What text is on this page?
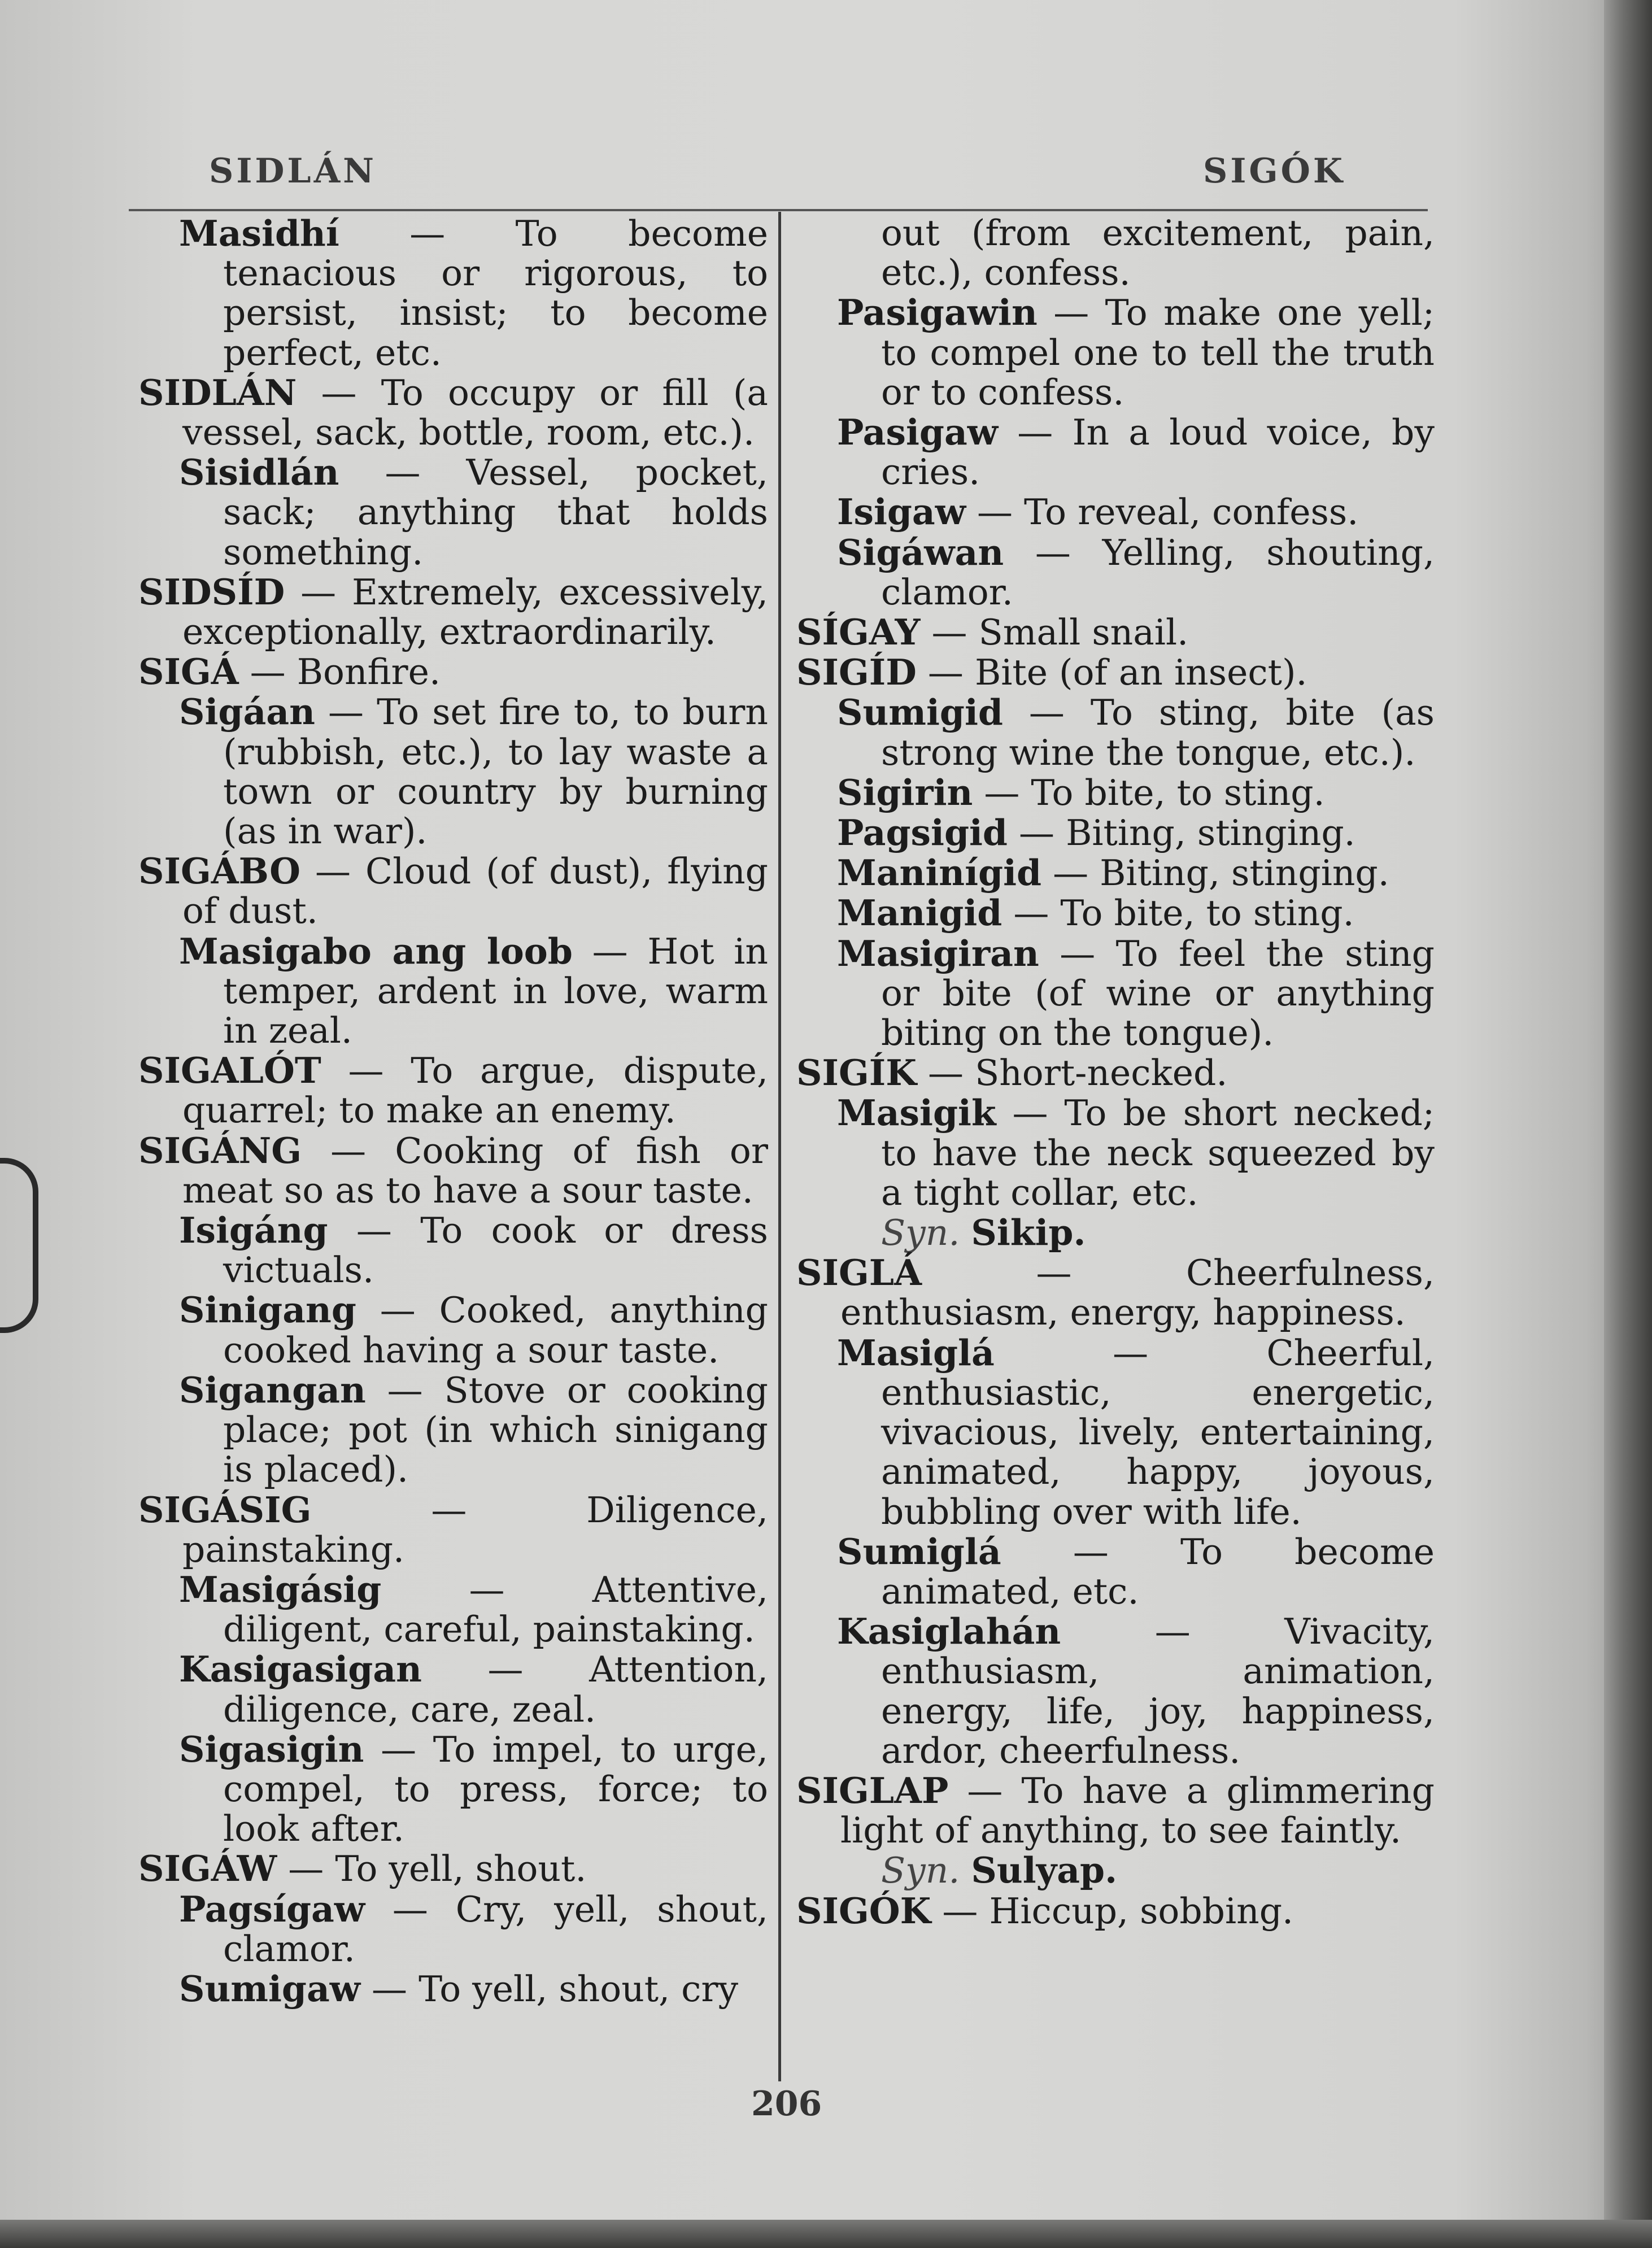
SIDLÁN	SIGÓK
Masidhí — To become tenacious or rigorous, to persist, insist; to become perfect, etc.
SIDLÁN — To occupy or fill (a vessel, sack, bottle, room, etc.).
Sisidlán — Vessel, pocket, sack; anything that holds something.
SIDSÍD — Extremely, excessively, exceptionally, extraordinarily.
SIGÁ — Bonfire.
Sigáan — To set fire to, to burn (rubbish, etc.), to lay waste a town or country by burning (as in war).
SIGÁBO — Cloud (of dust), flying of dust.
Masigabo ang loob — Hot in temper, ardent in love, warm in zeal.
SIGALÓT — To argue, dispute, quarrel; to make an enemy.
SIGÁNG — Cooking of fish or meat so as to have a sour taste.
Isigáng — To cook or dress victuals.
Sinigang — Cooked, anything cooked having a sour taste.
Sigangan — Stove or cooking place; pot (in which sinigang is placed).
SIGÁSIG — Diligence, painstaking.
Masigásig — Attentive, diligent, careful, painstaking.
Kasigasigan — Attention, diligence, care, zeal.
Sigasigin — To impel, to urge, compel, to press, force; to look after.
SIGÁW — To yell, shout.
Pagsígaw — Cry, yell, shout, clamor.
Sumigaw — To yell, shout, cry
out (from excitement, pain, etc.), confess.
Pasigawin — To make one yell; to compel one to tell the truth or to confess.
Pasigaw — In a loud voice, by cries.
Isigaw — To reveal, confess.
Sigáwan — Yelling, shouting, clamor.
SÍGAY — Small snail.
SIGÍD — Bite (of an insect).
Sumigid — To sting, bite (as strong wine the tongue, etc.).
Sigirin — To bite, to sting.
Pagsigid — Biting, stinging.
Maninígid — Biting, stinging.
Manigid — To bite, to sting.
Masigiran — To feel the sting or bite (of wine or anything biting on the tongue).
SIGÍK — Short-necked.
Masigik — To be short necked; to have the neck squeezed by a tight collar, etc.
Syn. Sikip.
SIGLÁ — Cheerfulness, enthusiasm, energy, happiness.
Masiglá — Cheerful, enthusiastic, energetic, vivacious, lively, entertaining, animated, happy, joyous, bubbling over with life.
Sumiglá — To become animated, etc.
Kasiglahán — Vivacity, enthusiasm, animation, energy, life, joy, happiness, ardor, cheerfulness.
SIGLAP — To have a glimmering light of anything, to see faintly.
Syn. Sulyap.
SIGÓK — Hiccup, sobbing.
206
